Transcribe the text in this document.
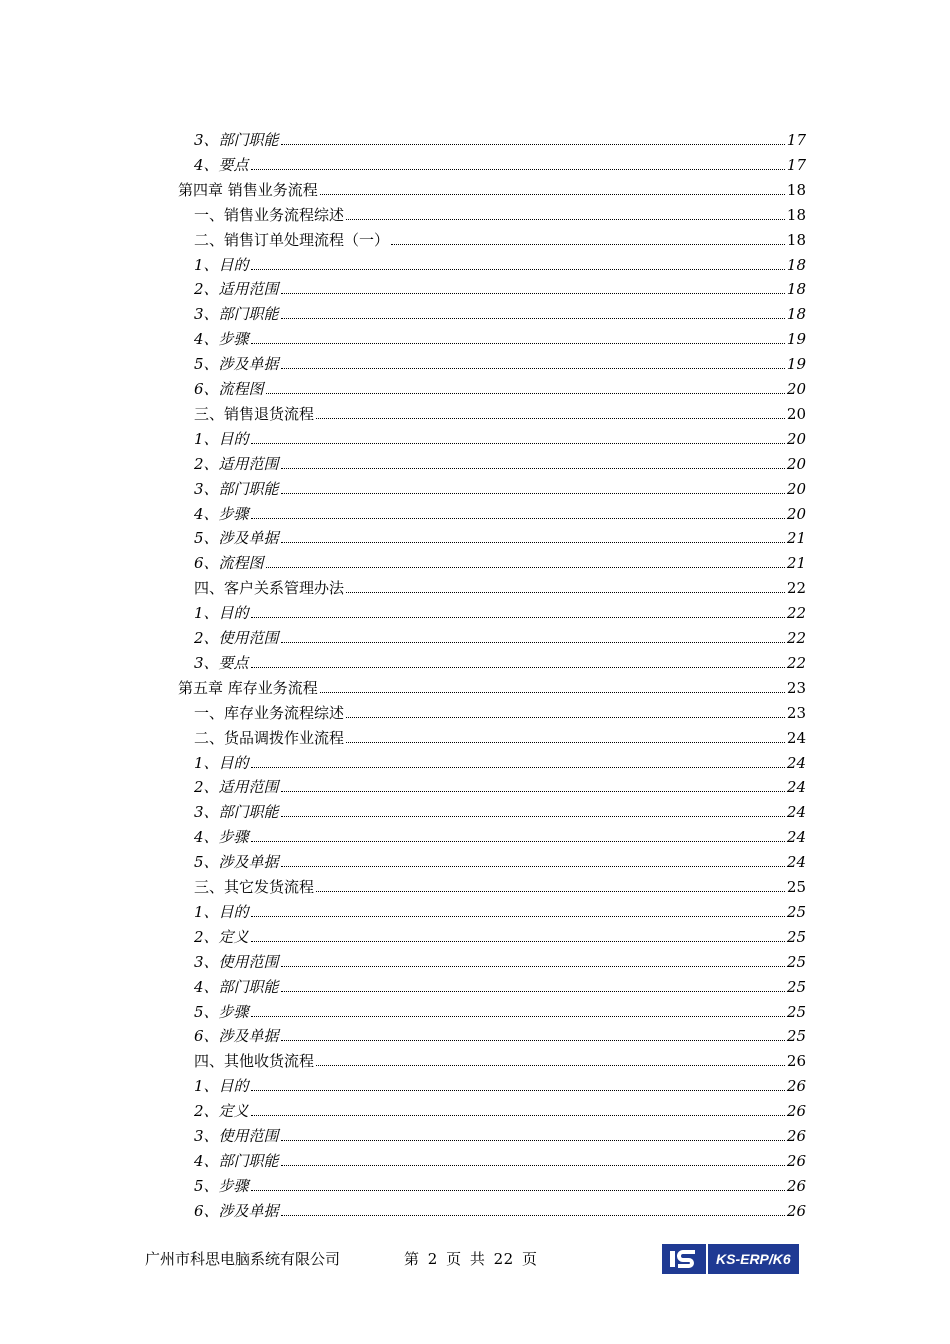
3、部门职能	17
4、要点	17
第四章 销售业务流程	18
一、销售业务流程综述	18
二、销售订单处理流程（一）	18
1、目的	18
2、适用范围	18
3、部门职能	18
4、步骤	19
5、涉及单据	19
6、流程图	20
三、销售退货流程	20
1、目的	20
2、适用范围	20
3、部门职能	20
4、步骤	20
5、涉及单据	21
6、流程图	21
四、客户关系管理办法	22
1、目的	22
2、使用范围	22
3、要点	22
第五章 库存业务流程	23
一、库存业务流程综述	23
二、货品调拨作业流程	24
1、目的	24
2、适用范围	24
3、部门职能	24
4、步骤	24
5、涉及单据	24
三、其它发货流程	25
1、目的	25
2、定义	25
3、使用范围	25
4、部门职能	25
5、步骤	25
6、涉及单据	25
四、其他收货流程	26
1、目的	26
2、定义	26
3、使用范围	26
4、部门职能	26
5、步骤	26
6、涉及单据	26
广州市科思电脑系统有限公司	第 2 页 共 22 页	KS-ERP/K6
